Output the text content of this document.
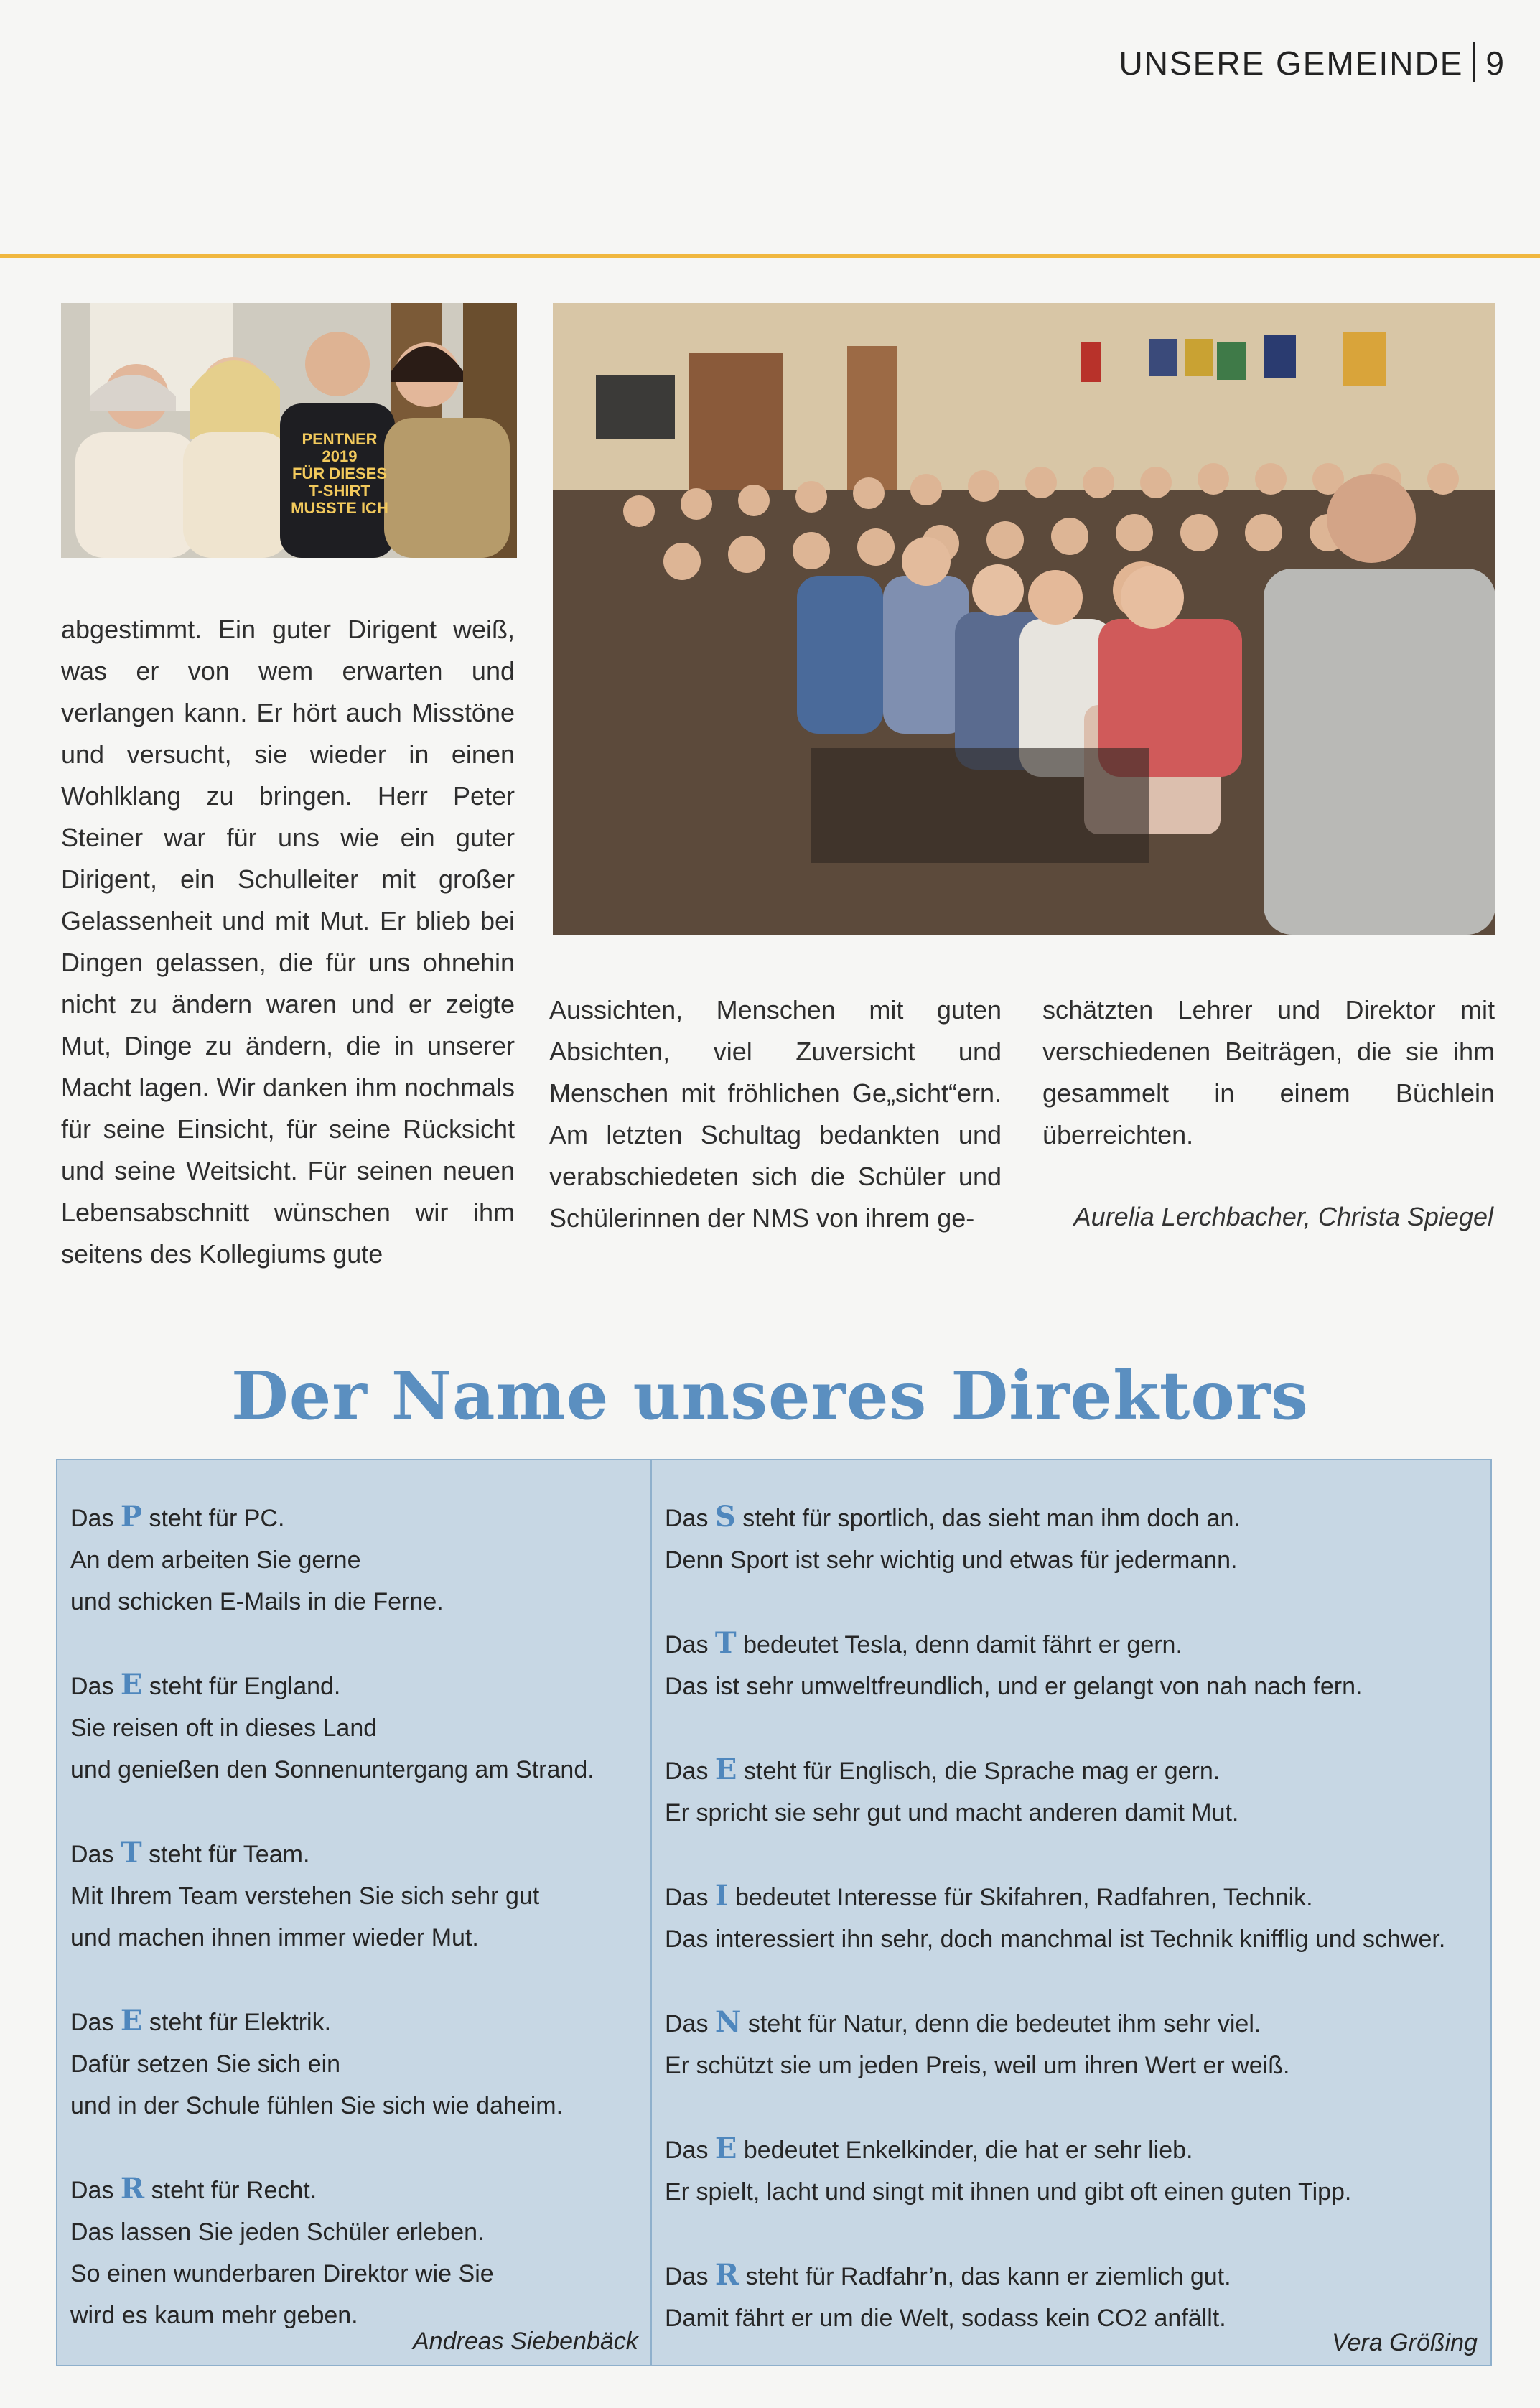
UNSERE GEMEINDE 9
PENTNER
2019
FÜR DIESES
T-SHIRT
MUSSTE ICH

abgestimmt. Ein guter Dirigent weiß, was er von wem erwarten und verlangen kann. Er hört auch Misstöne und versucht, sie wieder in einen Wohlklang zu bringen. Herr Peter Steiner war für uns wie ein guter Dirigent, ein Schulleiter mit großer Gelassenheit und mit Mut. Er blieb bei Dingen gelassen, die für uns ohnehin nicht zu ändern waren und er zeigte Mut, Dinge zu ändern, die in unserer Macht lagen. Wir danken ihm nochmals für seine Einsicht, für seine Rücksicht und seine Weitsicht. Für seinen neuen Lebensabschnitt wünschen wir ihm seitens des Kollegiums gute

Aussichten, Menschen mit guten Absichten, viel Zuversicht und Menschen mit fröhlichen Ge„sicht“ern. Am letzten Schultag bedankten und verabschiedeten sich die Schüler und Schülerinnen der NMS von ihrem ge-

schätzten Lehrer und Direktor mit verschiedenen Beiträgen, die sie ihm gesammelt in einem Büchlein überreichten.

Aurelia Lerchbacher, Christa Spiegel
Der Name unseres Direktors
Das P steht für PC.
An dem arbeiten Sie gerne
und schicken E-Mails in die Ferne.
Das E steht für England.
Sie reisen oft in dieses Land
und genießen den Sonnenuntergang am Strand.
Das T steht für Team.
Mit Ihrem Team verstehen Sie sich sehr gut
und machen ihnen immer wieder Mut.
Das E steht für Elektrik.
Dafür setzen Sie sich ein
und in der Schule fühlen Sie sich wie daheim.
Das R steht für Recht.
Das lassen Sie jeden Schüler erleben.
So einen wunderbaren Direktor wie Sie
wird es kaum mehr geben.
Das S steht für sportlich, das sieht man ihm doch an.
Denn Sport ist sehr wichtig und etwas für jedermann.
Das T bedeutet Tesla, denn damit fährt er gern.
Das ist sehr umweltfreundlich, und er gelangt von nah nach fern.
Das E steht für Englisch, die Sprache mag er gern.
Er spricht sie sehr gut und macht anderen damit Mut.
Das I bedeutet Interesse für Skifahren, Radfahren, Technik.
Das interessiert ihn sehr, doch manchmal ist Technik knifflig und schwer.
Das N steht für Natur, denn die bedeutet ihm sehr viel.
Er schützt sie um jeden Preis, weil um ihren Wert er weiß.
Das E bedeutet Enkelkinder, die hat er sehr lieb.
Er spielt, lacht und singt mit ihnen und gibt oft einen guten Tipp.
Das R steht für Radfahr’n, das kann er ziemlich gut.
Damit fährt er um die Welt, sodass kein CO2 anfällt.
Andreas Siebenbäck	Vera Größing
